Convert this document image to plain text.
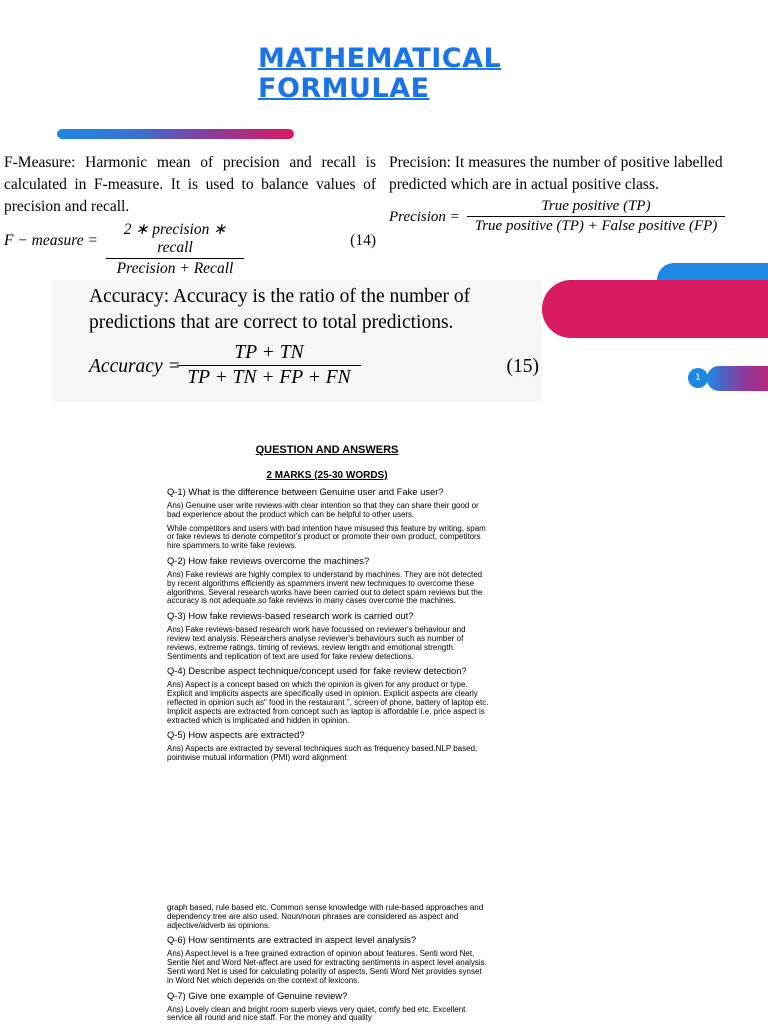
MATHEMATICAL FORMULAE
1
F-Measure: Harmonic mean of precision and recall is calculated in F-measure. It is used to balance values of precision and recall.
F − measure =
2 ∗ precision ∗ recall
Precision + Recall
(14)
Precision: It measures the number of positive labelled predicted which are in actual positive class.
Precision =
True positive (TP)
True positive (TP) + False positive (FP)
Accuracy: Accuracy is the ratio of the number of predictions that are correct to total predictions.
Accuracy =
$\frac{TP + TN}{TP + TN + FP + FN}$	(15)
QUESTION AND ANSWERS
2 MARKS (25-30 WORDS)

Q-1) What is the difference between Genuine user and Fake user?

Ans) Genuine user write reviews with clear intention so that they can share their good or bad experience about the product which can be helpful to other users.

While competitors and users with bad intention have misused this feature by writing, spam or fake reviews to denote competitor's product or promote their own product, competitors hire spammers to write fake reviews.

Q-2) How fake reviews overcome the machines?

Ans) Fake reviews are highly complex to understand by machines. They are not detected by recent algorithms efficiently as spammers invent new techniques to overcome these algorithms. Several research works have been carried out to detect spam reviews but the accuracy is not adequate.so fake reviews in many cases overcome the machines.

Q-3) How fake reviews-based research work is carried out?

Ans) Fake reviews-based research work have focussed on reviewer's behaviour and review text analysis. Researchers analyse reviewer's behaviours such as number of reviews, extreme ratings, timing of reviews, review length and emotional strength. Sentiments and replication of text are used for fake review detections.

Q-4) Describe aspect technique/concept used for fake review detection?

Ans) Aspect is a concept based on which the opinion is given for any product or type. Explicit and implicits aspects are specifically used in opinion. Explicit aspects are clearly reflected in opinion such as" food in the restaurant ", screen of phone, battery of laptop etc. Implicit aspects are extracted from concept such as laptop is affordable i.e. price aspect is extracted which is implicated and hidden in opinion.

Q-5) How aspects are extracted?

Ans) Aspects are extracted by several techniques such as frequency based.NLP based, pointwise mutual information (PMI) word alignment

graph based, rule based etc. Common sense knowledge with rule-based approaches and dependency tree are also used. Noun/noun phrases are considered as aspect and adjective/adverb as opinions.

Q-6) How sentiments are extracted in aspect level analysis?

Ans) Aspect level is a free grained extraction of opinion about features. Senti word Net, Sentie Net and Word Net-affect are used for extracting sentiments in aspect level analysis. Senti word Net is used for calculating polarity of aspects, Senti Word Net provides synset in Word Net which depends on the context of lexicons.

Q-7) Give one example of Genuine review?

Ans) Lovely clean and bright room superb views very quiet, comfy bed etc. Excellent service all round and nice staff. For the money and quality
